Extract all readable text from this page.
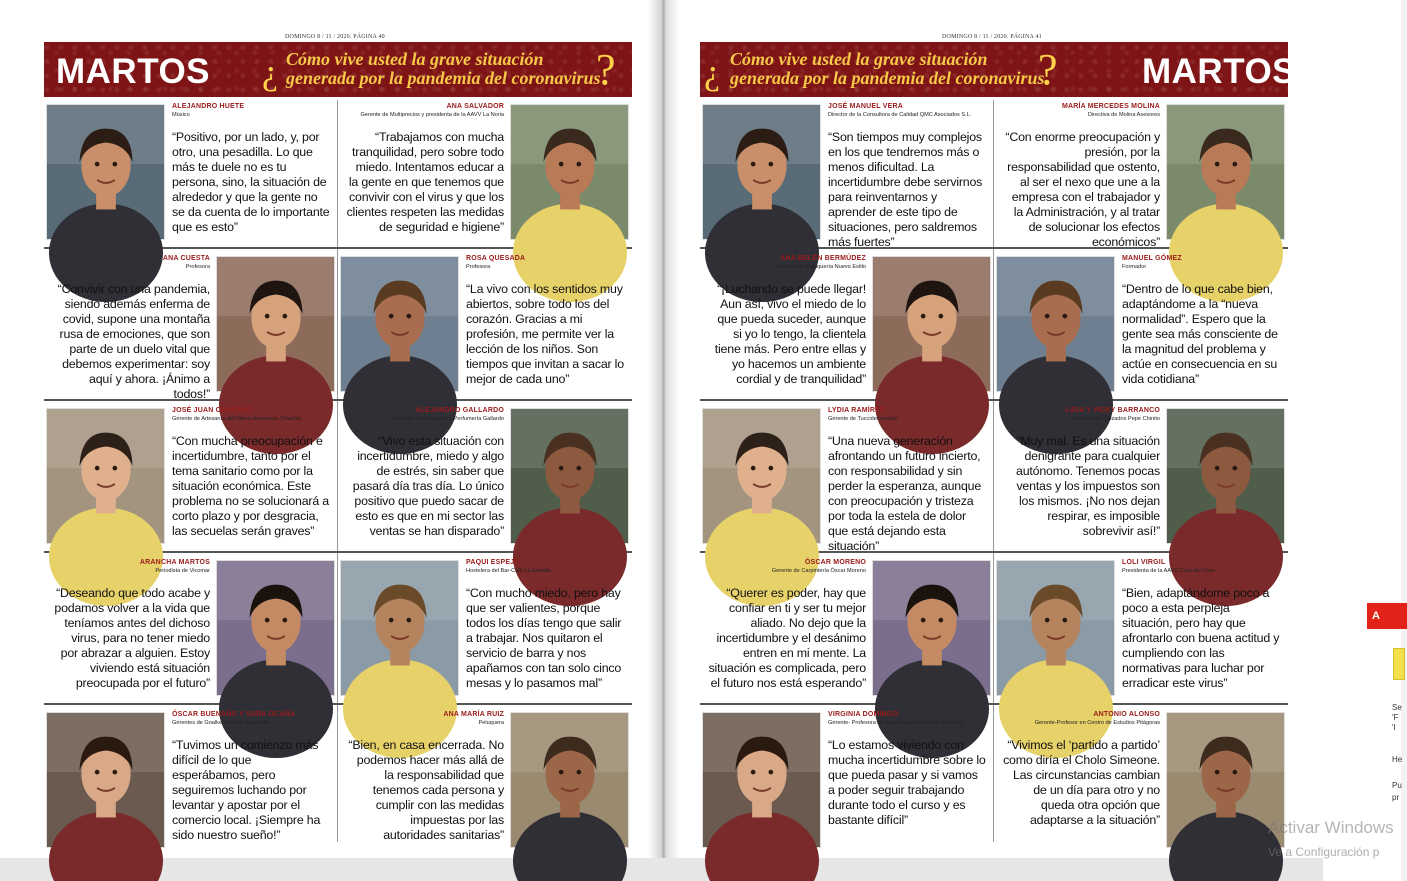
DOMINGO 8 / 11 / 2020. PÁGINA 40
MARTOS ¿ Cómo vive usted la grave situación
generada por la pandemia del coronavirus
?
DOMINGO 8 / 11 / 2020. PÁGINA 41
¿ Cómo vive usted la grave situación
generada por la pandemia del coronavirus
? MARTOS
ALEJANDRO HUETE
Músico
“Positivo, por un lado, y, por otro, una pesadilla. Lo que más te duele no es tu persona, sino, la situación de alrededor y que la gente no se da cuenta de lo importante que es esto”
ANA SALVADOR
Gerente de Multiprecios y presidenta de la AAVV La Noria
“Trabajamos con mucha tranquilidad, pero sobre todo miedo. Intentamos educar a la gente en que tenemos que convivir con el virus y que los clientes respeten las medidas de seguridad e higiene”
ANA CUESTA
Profesora
“Convivir con una pandemia, siendo además enferma de covid, supone una montaña rusa de emociones, que son parte de un duelo vital que debemos experimentar: soy aquí y ahora. ¡Ánimo a todos!”
ROSA QUESADA
Profesora
“La vivo con los sentidos muy abiertos, sobre todo los del corazón. Gracias a mi profesión, me permite ver la lección de los niños. Son tiempos que invitan a sacar lo mejor de cada uno”
JOSÉ JUAN CHAICHIO
Gerente de Artesanía del Hierro Hermanos Chaichio
“Con mucha preocupación e incertidumbre, tanto por el tema sanitario como por la situación económica. Este problema no se solucionará a corto plazo y por desgracia, las secuelas serán graves”
ALEJANDRO GALLARDO
Gerente de Droguería y Perfumería Gallardo
“Vivo esta situación con incertidumbre, miedo y algo de estrés, sin saber que pasará día tras día. Lo único positivo que puedo sacar de esto es que en mi sector las ventas se han disparado”
ARANCHA MARTOS
Periodista de Vicomar
“Deseando que todo acabe y podamos volver a la vida que teníamos antes del dichoso virus, para no tener miedo por abrazar a alguien. Estoy viviendo está situación preocupada por el futuro”
PAQUI ESPEJO
Hostelera del Bar-Café La Estrella
“Con mucho miedo, pero hay que ser valientes, porque todos los días tengo que salir a trabajar. Nos quitaron el servicio de barra y nos apañamos con tan solo cinco mesas y lo pasamos mal”
ÓSCAR BUENAÑO Y SARA OCAÑA
Gerentes de Goalkers tienda deportiva
“Tuvimos un comienzo más difícil de lo que esperábamos, pero seguiremos luchando por levantar y apostar por el comercio local. ¡Siempre ha sido nuestro sueño!”
ANA MARÍA RUIZ
Peluquera
“Bien, en casa encerrada. No podemos hacer más allá de la responsabilidad que tenemos cada persona y cumplir con las medidas impuestas por las autoridades sanitarias”
JOSÉ MANUEL VERA
Director de la Consultora de Calidad QMC Asociados S.L.
“Son tiempos muy complejos en los que tendremos más o menos dificultad. La incertidumbre debe servirnos para reinventarnos y aprender de este tipo de situaciones, pero saldremos más fuertes”
MARÍA MERCEDES MOLINA
Directiva de Molina Asesores
“Con enorme preocupación y presión, por la responsabilidad que ostento, al ser el nexo que une a la empresa con el trabajador y la Administración, y al tratar de solucionar los efectos económicos”
ANA BELÉN BERMÚDEZ
Gerente de Peluquería Nuevo Estilo
“¡Luchando se puede llegar! Aun así, vivo el miedo de lo que pueda suceder, aunque si yo lo tengo, la clientela tiene más. Pero entre ellas y yo hacemos un ambiente cordial y de tranquilidad”
MANUEL GÓMEZ
Formador
“Dentro de lo que cabe bien, adaptándome a la “nueva normalidad”. Espero que la gente sea más consciente de la magnitud del problema y actúe en consecuencia en su vida cotidiana”
LYDIA RAMÍREZ
Gerente de Tuccidecoración
“Una nueva generación afrontando un futuro incierto, con responsabilidad y sin perder la esperanza, aunque con preocupación y tristeza por toda la estela de dolor que está dejando esta situación”
LIDIA Y VICKY BARRANCO
Gerentes de Calzados Pepe Chinito
“Muy mal. Es una situación denigrante para cualquier autónomo. Tenemos pocas ventas y los impuestos son los mismos. ¡No nos dejan respirar, es imposible sobrevivir así!”
ÓSCAR MORENO
Gerente de Carpintería Óscar Moreno
“Querer es poder, hay que confiar en ti y ser tu mejor aliado. No dejo que la incertidumbre y el desánimo entren en mi mente. La situación es complicada, pero el futuro nos está esperando”
LOLI VIRGIL
Presidenta de la AAVV Cruz del Lloro
“Bien, adaptándome poco a poco a esta perpleja situación, pero hay que afrontarlo con buena actitud y cumpliendo con las normativas para luchar por erradicar este virus”
VIRGINIA DOMINGO
Gerente- Profesora en Academia de Idiomas Oh La La
“Lo estamos viviendo con mucha incertidumbre sobre lo que pueda pasar y si vamos a poder seguir trabajando durante todo el curso y es bastante difícil”
ANTONIO ALONSO
Gerente-Profesor en Centro de Estudios Pitágoras
“Vivimos el ‘partido a partido’ como diría el Cholo Simeone. Las circunstancias cambian de un día para otro y no queda otra opción que adaptarse a la situación”
A
Se
'F
'I
He
Pu
pr
Activar Windows
Ve a Configuración p
